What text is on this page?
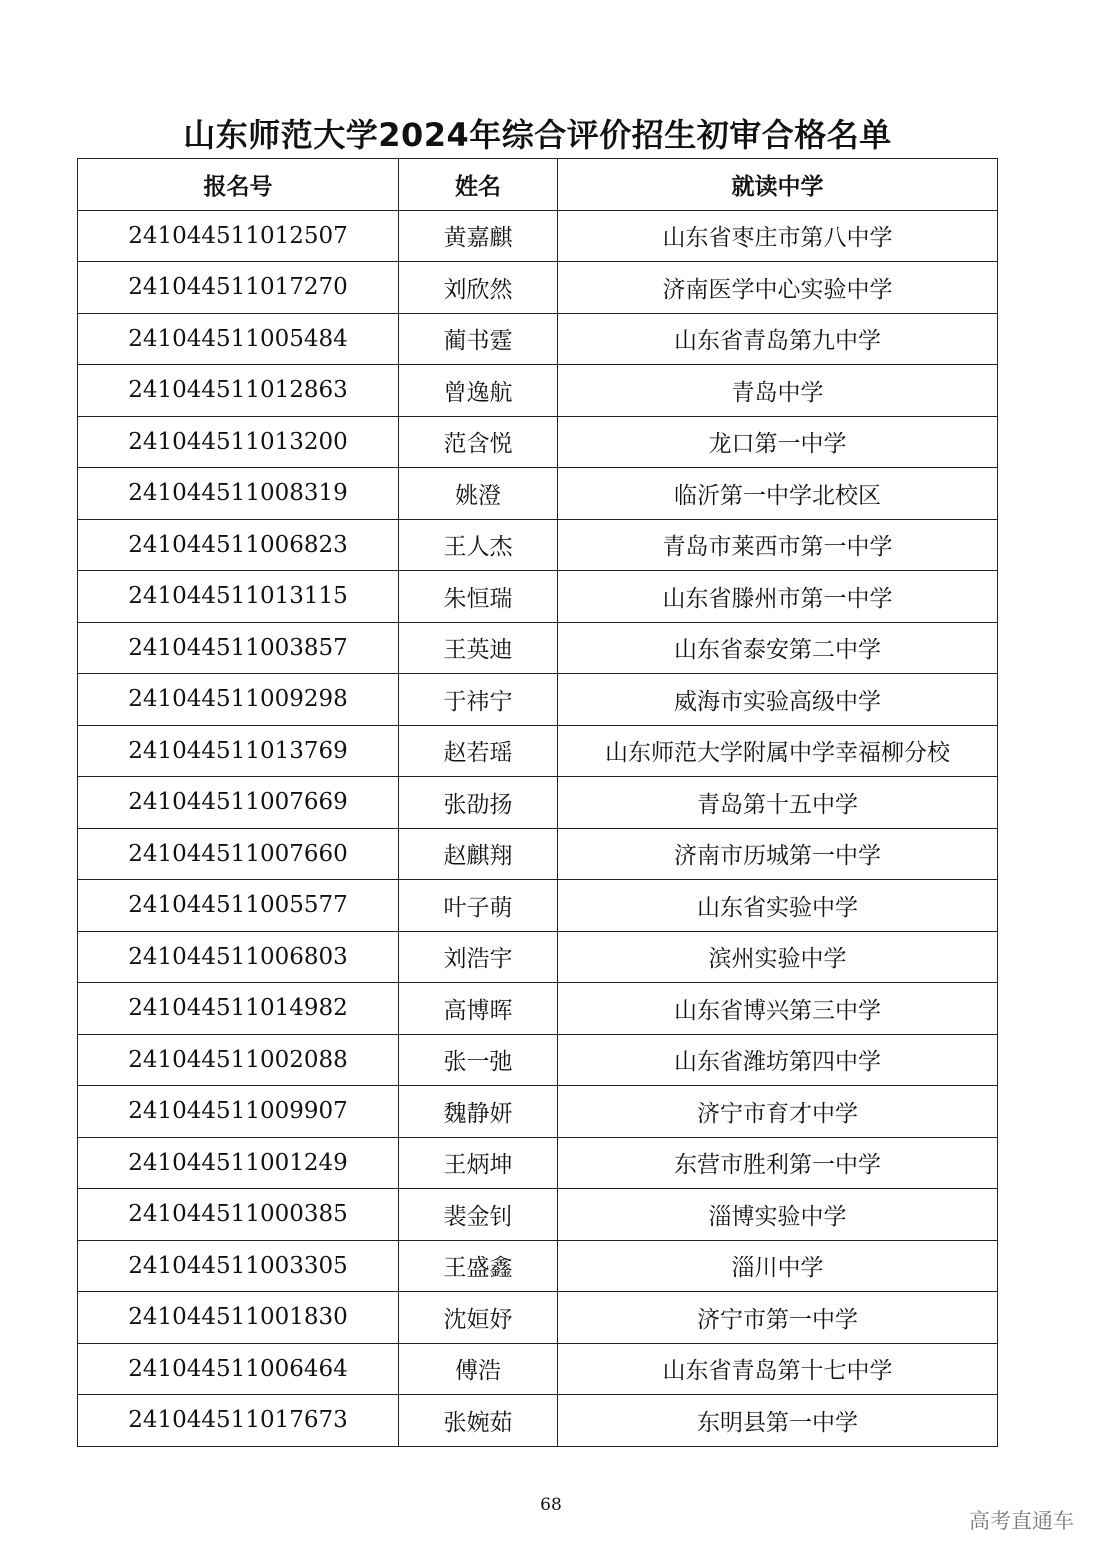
山东师范大学2024年综合评价招生初审合格名单
报名号	姓名	就读中学
241044511012507	黄嘉麒	山东省枣庄市第八中学
241044511017270	刘欣然	济南医学中心实验中学
241044511005484	蔺书霆	山东省青岛第九中学
241044511012863	曾逸航	青岛中学
241044511013200	范含悦	龙口第一中学
241044511008319	姚澄	临沂第一中学北校区
241044511006823	王人杰	青岛市莱西市第一中学
241044511013115	朱恒瑞	山东省滕州市第一中学
241044511003857	王英迪	山东省泰安第二中学
241044511009298	于祎宁	威海市实验高级中学
241044511013769	赵若瑶	山东师范大学附属中学幸福柳分校
241044511007669	张劭扬	青岛第十五中学
241044511007660	赵麒翔	济南市历城第一中学
241044511005577	叶子萌	山东省实验中学
241044511006803	刘浩宇	滨州实验中学
241044511014982	高博晖	山东省博兴第三中学
241044511002088	张一弛	山东省潍坊第四中学
241044511009907	魏静妍	济宁市育才中学
241044511001249	王炳坤	东营市胜利第一中学
241044511000385	裴金钊	淄博实验中学
241044511003305	王盛鑫	淄川中学
241044511001830	沈姮妤	济宁市第一中学
241044511006464	傅浩	山东省青岛第十七中学
241044511017673	张婉茹	东明县第一中学
68
高考直通车
